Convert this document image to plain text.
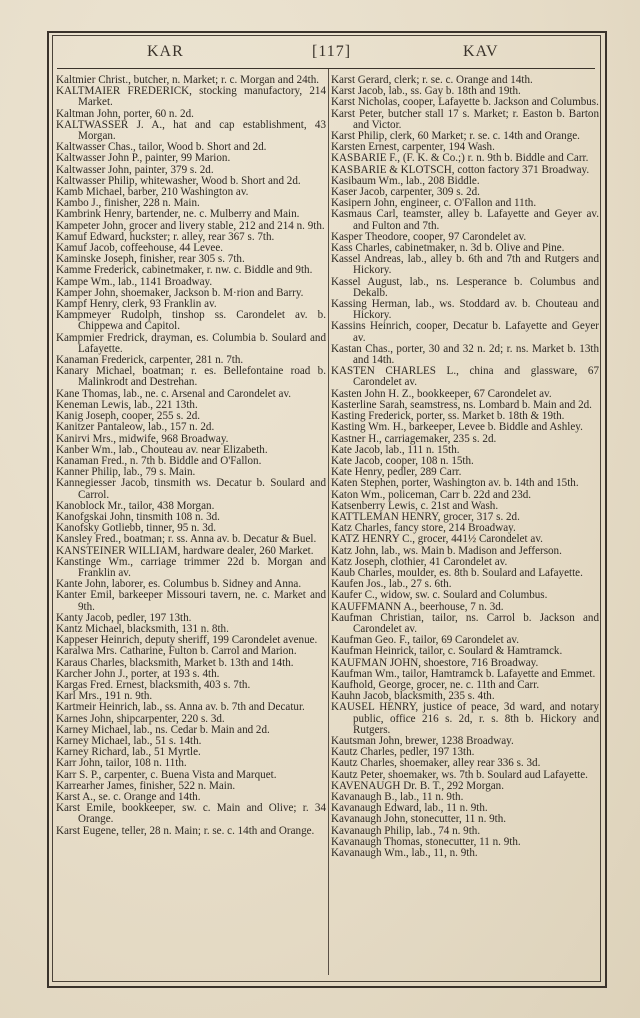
KAR	[117]	KAV

Kaltmier Christ., butcher, n. Market; r. c. Morgan and 24th.

KALTMAIER FREDERICK, stocking manufactory, 214 Market.

Kaltman John, porter, 60 n. 2d.

KALTWASSER J. A., hat and cap establishment, 43 Morgan.

Kaltwasser Chas., tailor, Wood b. Short and 2d.

Kaltwasser John P., painter, 99 Marion.

Kaltwasser John, painter, 379 s. 2d.

Kaltwasser Philip, whitewasher, Wood b. Short and 2d.

Kamb Michael, barber, 210 Washington av.

Kambo J., finisher, 228 n. Main.

Kambrink Henry, bartender, ne. c. Mulberry and Main.

Kampeter John, grocer and livery stable, 212 and 214 n. 9th.

Kamuf Edward, huckster; r. alley, rear 367 s. 7th.

Kamuf Jacob, coffeehouse, 44 Levee.

Kaminske Joseph, finisher, rear 305 s. 7th.

Kamme Frederick, cabinetmaker, r. nw. c. Biddle and 9th.

Kampe Wm., lab., 1141 Broadway.

Kamper John, shoemaker, Jackson b. M·rion and Barry.

Kampf Henry, clerk, 93 Franklin av.

Kampmeyer Rudolph, tinshop ss. Carondelet av. b. Chippewa and Capitol.

Kampmier Fredrick, drayman, es. Columbia b. Soulard and Lafayette.

Kanaman Frederick, carpenter, 281 n. 7th.

Kanary Michael, boatman; r. es. Bellefontaine road b. Malinkrodt and Destrehan.

Kane Thomas, lab., ne. c. Arsenal and Carondelet av.

Keneman Lewis, lab., 221 13th.

Kanig Joseph, cooper, 255 s. 2d.

Kanitzer Pantaleow, lab., 157 n. 2d.

Kanirvi Mrs., midwife, 968 Broadway.

Kanber Wm., lab., Chouteau av. near Elizabeth.

Kanaman Fred., n. 7th b. Biddle and O'Fallon.

Kanner Philip, lab., 79 s. Main.

Kannegiesser Jacob, tinsmith ws. Decatur b. Soulard and Carrol.

Kanoblock Mr., tailor, 438 Morgan.

Kanofgskai John, tinsmith 108 n. 3d.

Kanofsky Gotliebb, tinner, 95 n. 3d.

Kansley Fred., boatman; r. ss. Anna av. b. Decatur & Buel.

KANSTEINER WILLIAM, hardware dealer, 260 Market.

Kanstinge Wm., carriage trimmer 22d b. Morgan and Franklin av.

Kante John, laborer, es. Columbus b. Sidney and Anna.

Kanter Emil, barkeeper Missouri tavern, ne. c. Market and 9th.

Kanty Jacob, pedler, 197 13th.

Kantz Michael, blacksmith, 131 n. 8th.

Kappeser Heinrich, deputy sheriff, 199 Carondelet avenue.

Karalwa Mrs. Catharine, Fulton b. Carrol and Marion.

Karaus Charles, blacksmith, Market b. 13th and 14th.

Karcher John J., porter, at 193 s. 4th.

Kargas Fred. Ernest, blacksmith, 403 s. 7th.

Karl Mrs., 191 n. 9th.

Kartmeir Heinrich, lab., ss. Anna av. b. 7th and Decatur.

Karnes John, shipcarpenter, 220 s. 3d.

Karney Michael, lab., ns. Cedar b. Main and 2d.

Karney Michael, lab., 51 s. 14th.

Karney Richard, lab., 51 Myrtle.

Karr John, tailor, 108 n. 11th.

Karr S. P., carpenter, c. Buena Vista and Marquet.

Karrearher James, finisher, 522 n. Main.

Karst A., se. c. Orange and 14th.

Karst Emile, bookkeeper, sw. c. Main and Olive; r. 34 Orange.

Karst Eugene, teller, 28 n. Main; r. se. c. 14th and Orange.

Karst Gerard, clerk; r. se. c. Orange and 14th.

Karst Jacob, lab., ss. Gay b. 18th and 19th.

Karst Nicholas, cooper, Lafayette b. Jackson and Columbus.

Karst Peter, butcher stall 17 s. Market; r. Easton b. Barton and Victor.

Karst Philip, clerk, 60 Market; r. se. c. 14th and Orange.

Karsten Ernest, carpenter, 194 Wash.

KASBARIE F., (F. K. & Co.;) r. n. 9th b. Biddle and Carr.

KASBARIE & KLOTSCH, cotton factory 371 Broadway.

Kasibaum Wm., lab., 208 Biddle.

Kaser Jacob, carpenter, 309 s. 2d.

Kasipern John, engineer, c. O'Fallon and 11th.

Kasmaus Carl, teamster, alley b. Lafayette and Geyer av. and Fulton and 7th.

Kasper Theodore, cooper, 97 Carondelet av.

Kass Charles, cabinetmaker, n. 3d b. Olive and Pine.

Kassel Andreas, lab., alley b. 6th and 7th and Rutgers and Hickory.

Kassel August, lab., ns. Lesperance b. Columbus and Dekalb.

Kassing Herman, lab., ws. Stoddard av. b. Chouteau and Hickory.

Kassins Heinrich, cooper, Decatur b. Lafayette and Geyer av.

Kastan Chas., porter, 30 and 32 n. 2d; r. ns. Market b. 13th and 14th.

KASTEN CHARLES L., china and glassware, 67 Carondelet av.

Kasten John H. Z., bookkeeper, 67 Carondelet av.

Kasterline Sarah, seamstress, ns. Lombard b. Main and 2d.

Kasting Frederick, porter, ss. Market b. 18th & 19th.

Kasting Wm. H., barkeeper, Levee b. Biddle and Ashley.

Kastner H., carriagemaker, 235 s. 2d.

Kate Jacob, lab., 111 n. 15th.

Kate Jacob, cooper, 108 n. 15th.

Kate Henry, pedler, 289 Carr.

Katen Stephen, porter, Washington av. b. 14th and 15th.

Katon Wm., policeman, Carr b. 22d and 23d.

Katsenberry Lewis, c. 21st and Wash.

KATTLEMAN HENRY, grocer, 317 s. 2d.

Katz Charles, fancy store, 214 Broadway.

KATZ HENRY C., grocer, 441½ Carondelet av.

Katz John, lab., ws. Main b. Madison and Jefferson.

Katz Joseph, clothier, 41 Carondelet av.

Kaub Charles, moulder, es. 8th b. Soulard and Lafayette.

Kaufen Jos., lab., 27 s. 6th.

Kaufer C., widow, sw. c. Soulard and Columbus.

KAUFFMANN A., beerhouse, 7 n. 3d.

Kaufman Christian, tailor, ns. Carrol b. Jackson and Carondelet av.

Kaufman Geo. F., tailor, 69 Carondelet av.

Kaufman Heinrick, tailor, c. Soulard & Hamtramck.

KAUFMAN JOHN, shoestore, 716 Broadway.

Kaufman Wm., tailor, Hamtramck b. Lafayette and Emmet.

Kaufhold, George, grocer, ne. c. 11th and Carr.

Kauhn Jacob, blacksmith, 235 s. 4th.

KAUSEL HENRY, justice of peace, 3d ward, and notary public, office 216 s. 2d, r. s. 8th b. Hickory and Rutgers.

Kautsman John, brewer, 1238 Broadway.

Kautz Charles, pedler, 197 13th.

Kautz Charles, shoemaker, alley rear 336 s. 3d.

Kautz Peter, shoemaker, ws. 7th b. Soulard aud Lafayette.

KAVENAUGH Dr. B. T., 292 Morgan.

Kavanaugh B., lab., 11 n. 9th.

Kavanaugh Edward, lab., 11 n. 9th.

Kavanaugh John, stonecutter, 11 n. 9th.

Kavanaugh Philip, lab., 74 n. 9th.

Kavanaugh Thomas, stonecutter, 11 n. 9th.

Kavanaugh Wm., lab., 11, n. 9th.
